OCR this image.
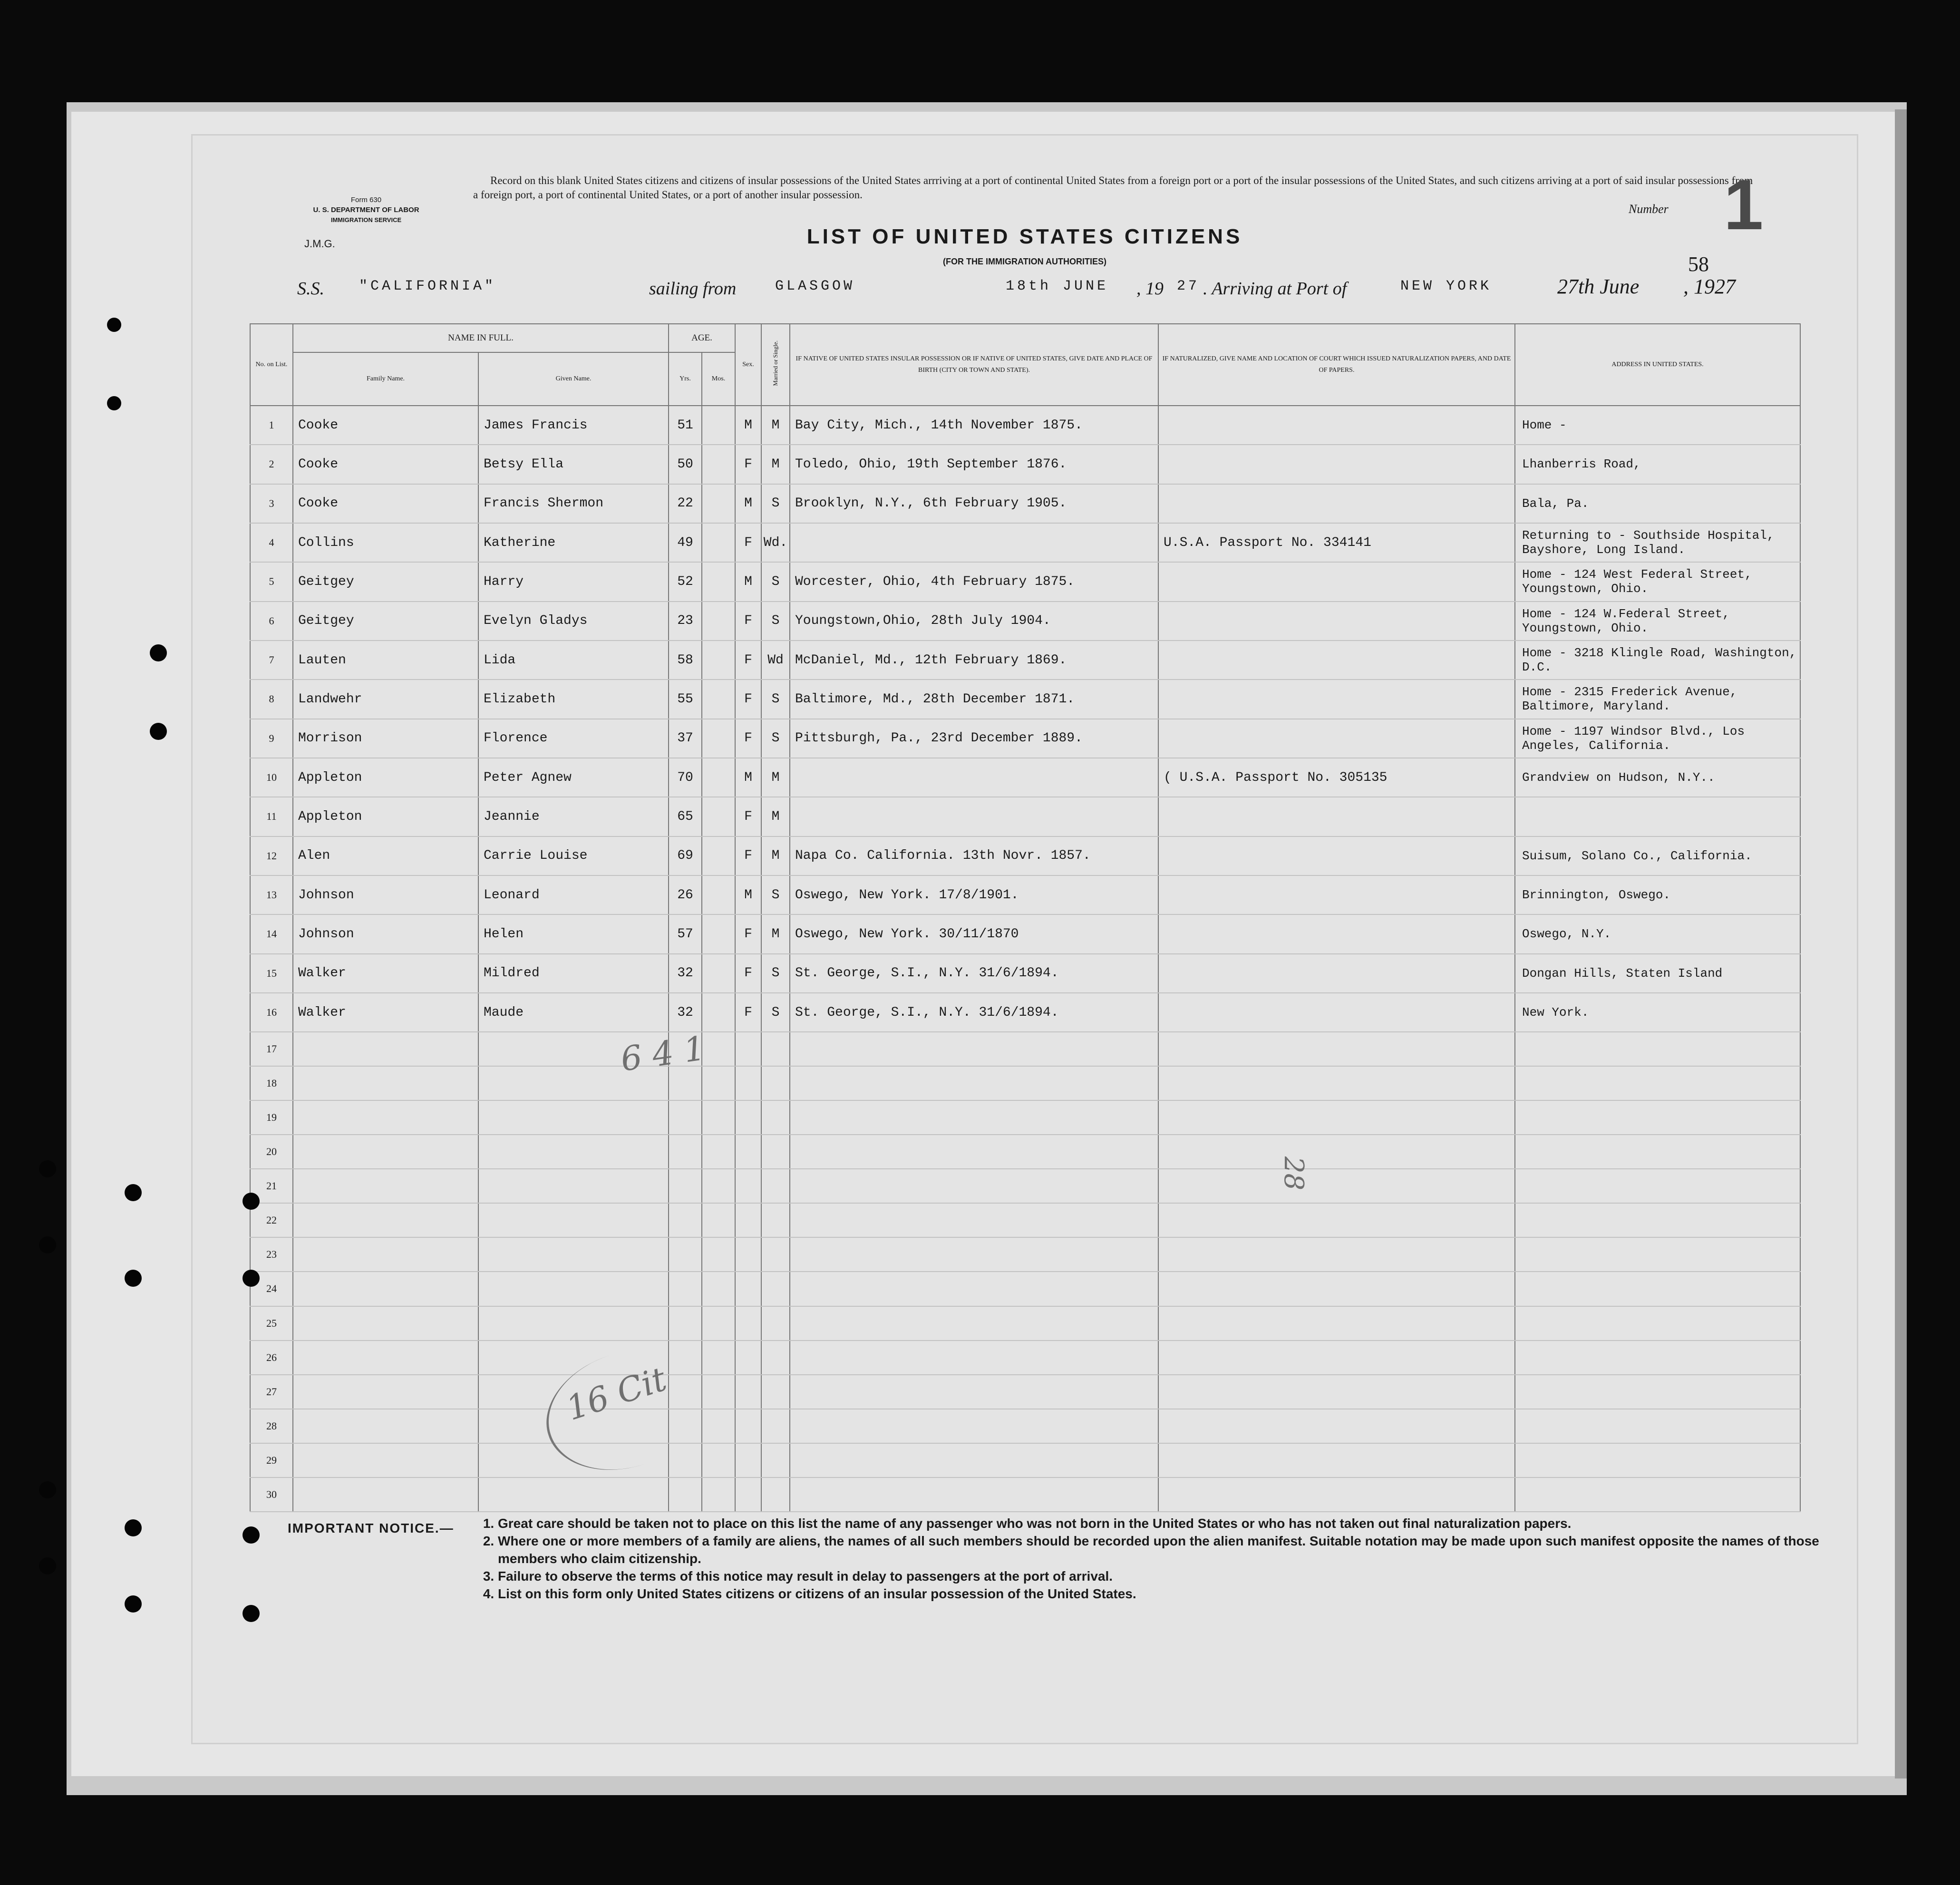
Form 630
U. S. DEPARTMENT OF LABOR
IMMIGRATION SERVICE
J.M.G.
Record on this blank United States citizens and citizens of insular possessions of the United States arrriving at a port of continental United States from a foreign port or a port of the insular possessions of the United States, and such citizens arriving at a port of said insular possessions from a foreign port, a port of continental United States, or a port of another insular possession.
LIST OF UNITED STATES CITIZENS
(FOR THE IMMIGRATION AUTHORITIES)
Number 1
58
S.S. "CALIFORNIA"	sailing from	GLASGOW	18th JUNE , 19 27 . Arriving at Port of	NEW YORK	27th June , 1927
No. on List.	NAME IN FULL.		AGE.		Sex.	Married or Single.	IF NATIVE OF UNITED STATES INSULAR POSSESSION OR IF NATIVE OF UNITED STATES, GIVE DATE AND PLACE OF BIRTH (CITY OR TOWN AND STATE).	IF NATURALIZED, GIVE NAME AND LOCATION OF COURT WHICH ISSUED NATURALIZATION PAPERS, AND DATE OF PAPERS.	ADDRESS IN UNITED STATES.
	Family Name.	Given Name.	Yrs.	Mos.					
1	Cooke	James Francis	51		M	M	Bay City, Mich., 14th November 1875.		Home -
2	Cooke	Betsy Ella	50		F	M	Toledo, Ohio, 19th September 1876.		Lhanberris Road,
3	Cooke	Francis Shermon	22		M	S	Brooklyn, N.Y., 6th February 1905.		Bala, Pa.
4	Collins	Katherine	49		F	Wd.		U.S.A. Passport No. 334141	Returning to - Southside Hospital, Bayshore, Long Island.
5	Geitgey	Harry	52		M	S	Worcester, Ohio, 4th February 1875.		Home - 124 West Federal Street, Youngstown, Ohio.
6	Geitgey	Evelyn Gladys	23		F	S	Youngstown,Ohio, 28th July 1904.		Home - 124 W.Federal Street, Youngstown, Ohio.
7	Lauten	Lida	58		F	Wd	McDaniel, Md., 12th February 1869.		Home - 3218 Klingle Road, Washington, D.C.
8	Landwehr	Elizabeth	55		F	S	Baltimore, Md., 28th December 1871.		Home - 2315 Frederick Avenue, Baltimore, Maryland.
9	Morrison	Florence	37		F	S	Pittsburgh, Pa., 23rd December 1889.		Home - 1197 Windsor Blvd., Los Angeles, California.
10	Appleton	Peter Agnew	70		M	M		( U.S.A. Passport No. 305135	Grandview on Hudson, N.Y..
11	Appleton	Jeannie	65		F	M			
12	Alen	Carrie Louise	69		F	M	Napa Co. California. 13th Novr. 1857.		Suisum, Solano Co., California.
13	Johnson	Leonard	26		M	S	Oswego, New York. 17/8/1901.		Brinnington, Oswego.
14	Johnson	Helen	57		F	M	Oswego, New York. 30/11/1870		Oswego, N.Y.
15	Walker	Mildred	32		F	S	St. George, S.I., N.Y. 31/6/1894.		Dongan Hills, Staten Island
16	Walker	Maude	32		F	S	St. George, S.I., N.Y. 31/6/1894.		New York.
17									
18									
19									
20									
21									
22									
23									
24									
25									
26									
27									
28									
29									
30									
IMPORTANT NOTICE.—	1. Great care should be taken not to place on this list the name of any passenger who was not born in the United States or who has not taken out final naturalization papers.
2. Where one or more members of a family are aliens, the names of all such members should be recorded upon the alien manifest. Suitable notation may be made upon such manifest opposite the names of those members who claim citizenship.
3. Failure to observe the terms of this notice may result in delay to passengers at the port of arrival.
4. List on this form only United States citizens or citizens of an insular possession of the United States.
6 4 1
16 Cit
28
